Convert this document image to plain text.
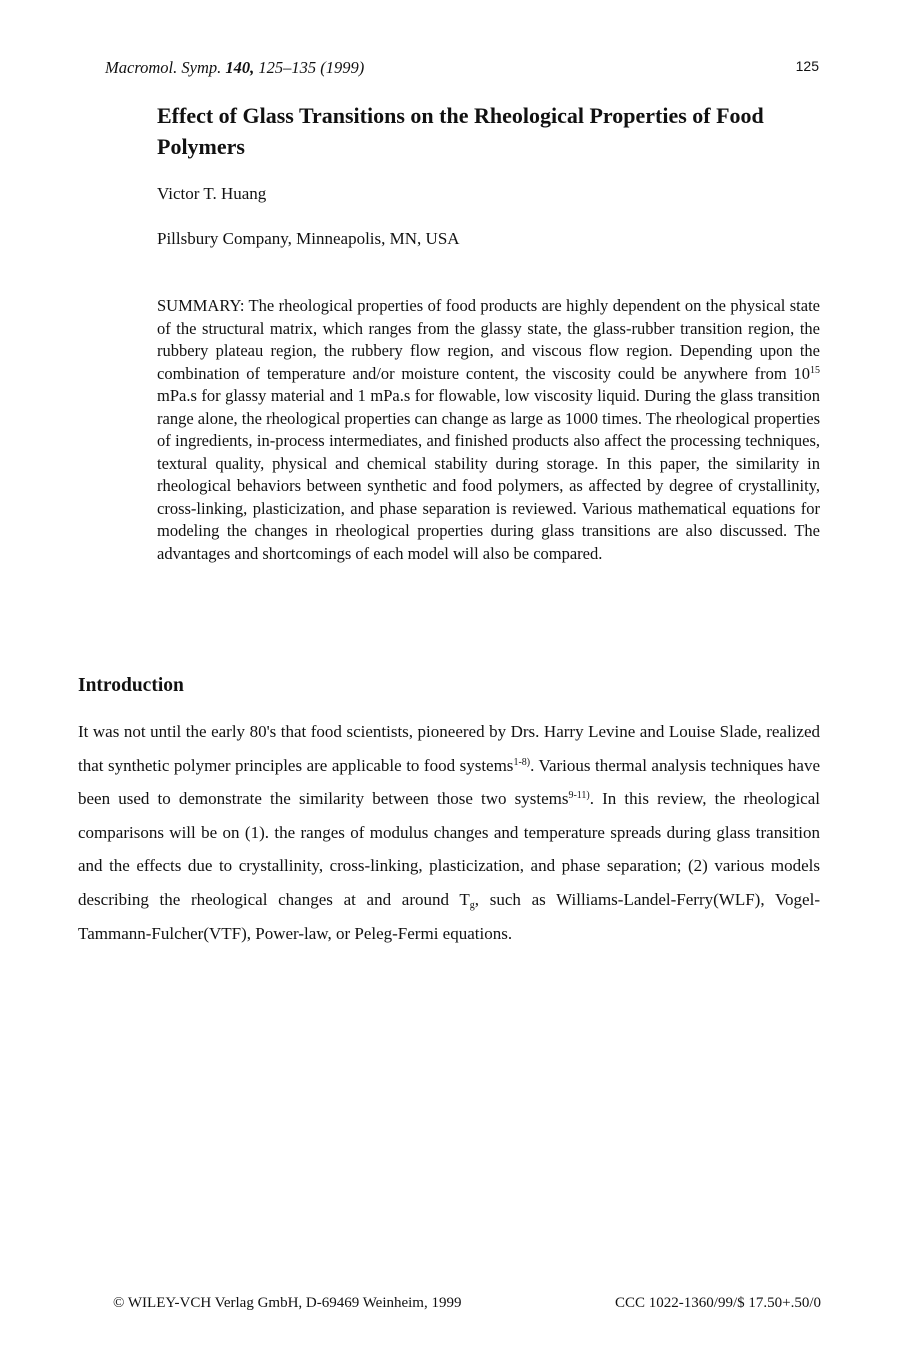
Macromol. Symp. 140, 125–135 (1999)	125
Effect of Glass Transitions on the Rheological Properties of Food Polymers
Victor T. Huang
Pillsbury Company, Minneapolis, MN, USA

SUMMARY: The rheological properties of food products are highly dependent on the physical state of the structural matrix, which ranges from the glassy state, the glass-rubber transition region, the rubbery plateau region, the rubbery flow region, and viscous flow region. Depending upon the combination of temperature and/or moisture content, the viscosity could be anywhere from $10^{15}$ mPa.s for glassy material and 1 mPa.s for flowable, low viscosity liquid. During the glass transition range alone, the rheological properties can change as large as 1000 times. The rheological properties of ingredients, in-process intermediates, and finished products also affect the processing techniques, textural quality, physical and chemical stability during storage. In this paper, the similarity in rheological behaviors between synthetic and food polymers, as affected by degree of crystallinity, cross-linking, plasticization, and phase separation is reviewed. Various mathematical equations for modeling the changes in rheological properties during glass transitions are also discussed. The advantages and shortcomings of each model will also be compared.

Introduction

It was not until the early 80's that food scientists, pioneered by Drs. Harry Levine and Louise Slade, realized that synthetic polymer principles are applicable to food systems$^{1-8)}$. Various thermal analysis techniques have been used to demonstrate the similarity between those two systems$^{9-11)}$. In this review, the rheological comparisons will be on (1). the ranges of modulus changes and temperature spreads during glass transition and the effects due to crystallinity, cross-linking, plasticization, and phase separation; (2) various models describing the rheological changes at and around $T_g$, such as Williams-Landel-Ferry(WLF), Vogel-Tammann-Fulcher(VTF), Power-law, or Peleg-Fermi equations.

© WILEY-VCH Verlag GmbH, D-69469 Weinheim, 1999	CCC 1022-1360/99/$ 17.50+.50/0
